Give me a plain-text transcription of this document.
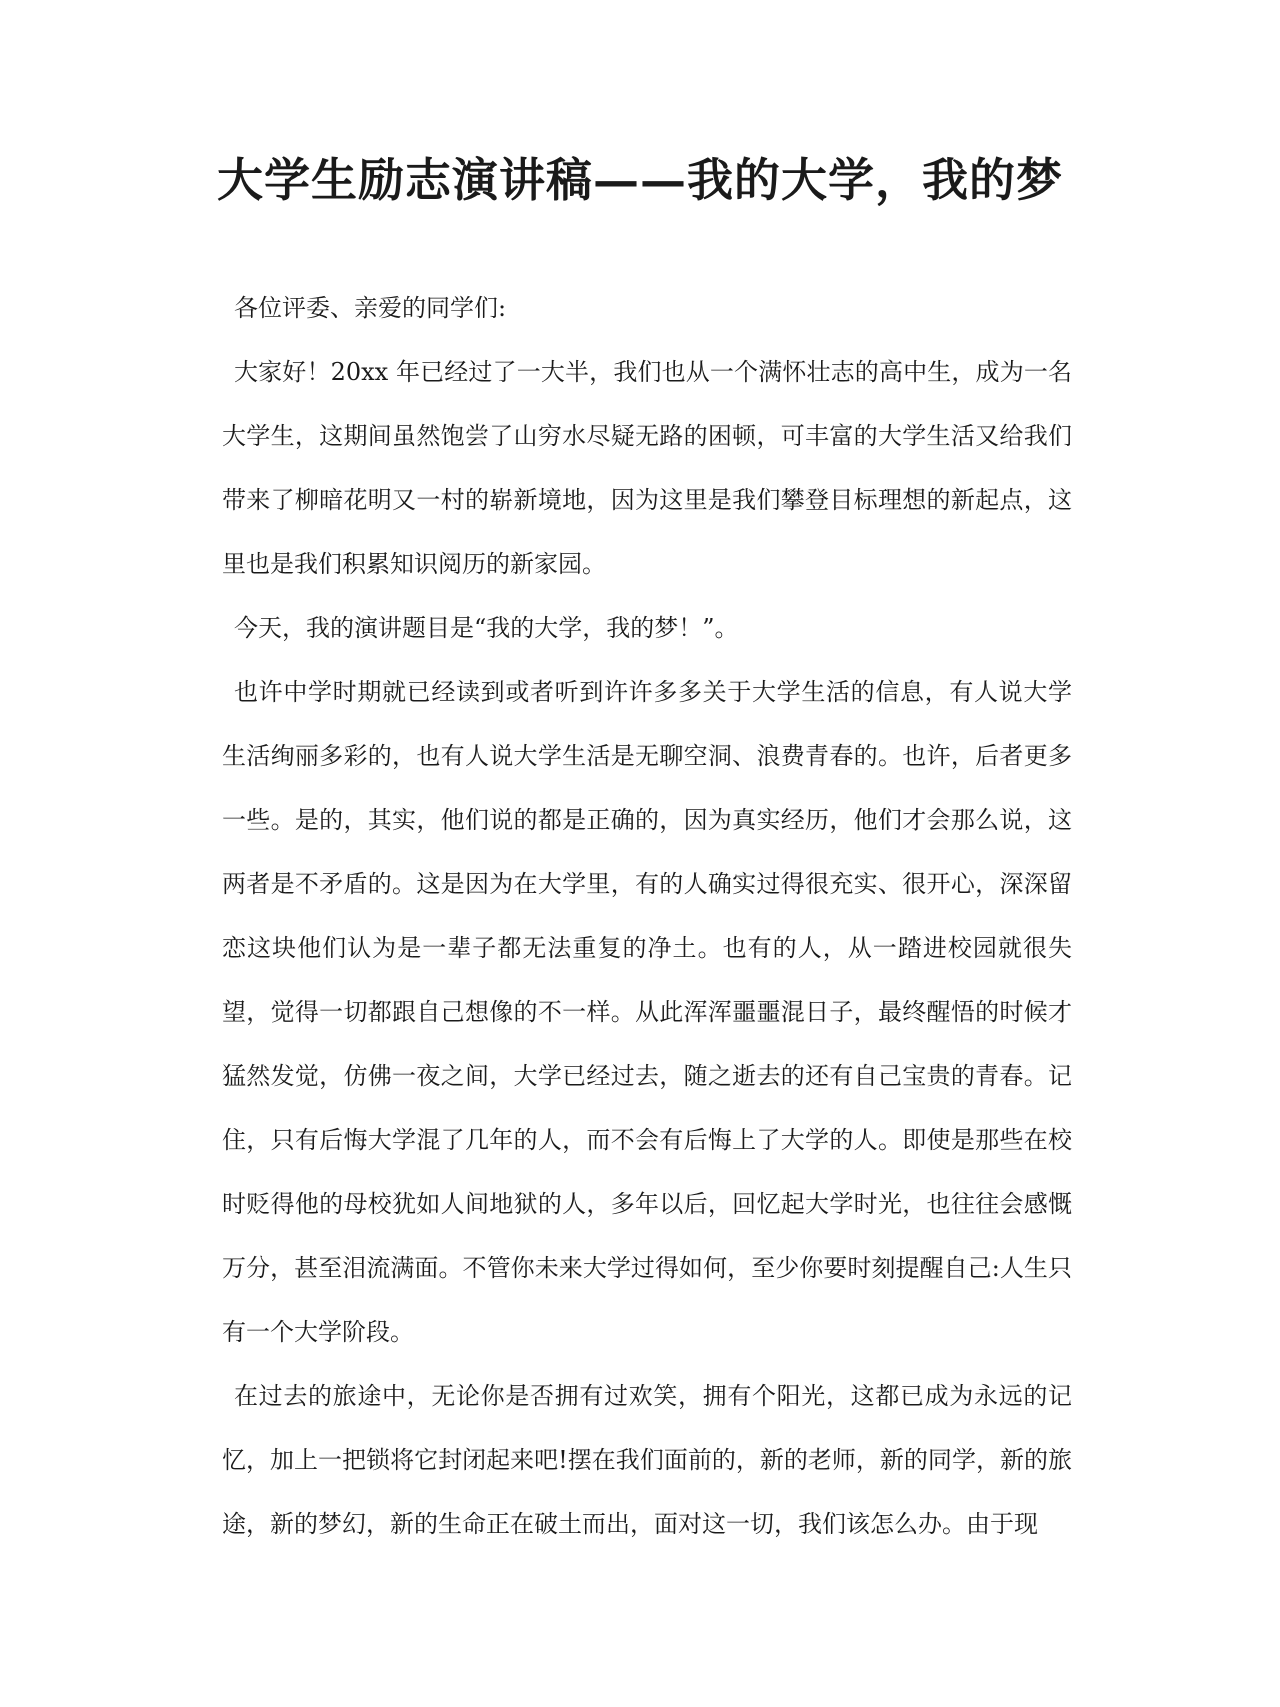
大学生励志演讲稿——我的大学，我的梦

各位评委、亲爱的同学们:

大家好！20xx 年已经过了一大半，我们也从一个满怀壮志的高中生，成为一名大学生，这期间虽然饱尝了山穷水尽疑无路的困顿，可丰富的大学生活又给我们带来了柳暗花明又一村的崭新境地，因为这里是我们攀登目标理想的新起点，这里也是我们积累知识阅历的新家园。

今天，我的演讲题目是“我的大学，我的梦！”。

也许中学时期就已经读到或者听到许许多多关于大学生活的信息，有人说大学生活绚丽多彩的，也有人说大学生活是无聊空洞、浪费青春的。也许，后者更多一些。是的，其实，他们说的都是正确的，因为真实经历，他们才会那么说，这两者是不矛盾的。这是因为在大学里，有的人确实过得很充实、很开心，深深留恋这块他们认为是一辈子都无法重复的净土。也有的人，从一踏进校园就很失望，觉得一切都跟自己想像的不一样。从此浑浑噩噩混日子，最终醒悟的时候才猛然发觉，仿佛一夜之间，大学已经过去，随之逝去的还有自己宝贵的青春。记住，只有后悔大学混了几年的人，而不会有后悔上了大学的人。即使是那些在校时贬得他的母校犹如人间地狱的人，多年以后，回忆起大学时光，也往往会感慨万分，甚至泪流满面。不管你未来大学过得如何，至少你要时刻提醒自己:人生只有一个大学阶段。

在过去的旅途中，无论你是否拥有过欢笑，拥有个阳光，这都已成为永远的记忆，加上一把锁将它封闭起来吧!摆在我们面前的，新的老师，新的同学，新的旅途，新的梦幻，新的生命正在破土而出，面对这一切，我们该怎么办。由于现
